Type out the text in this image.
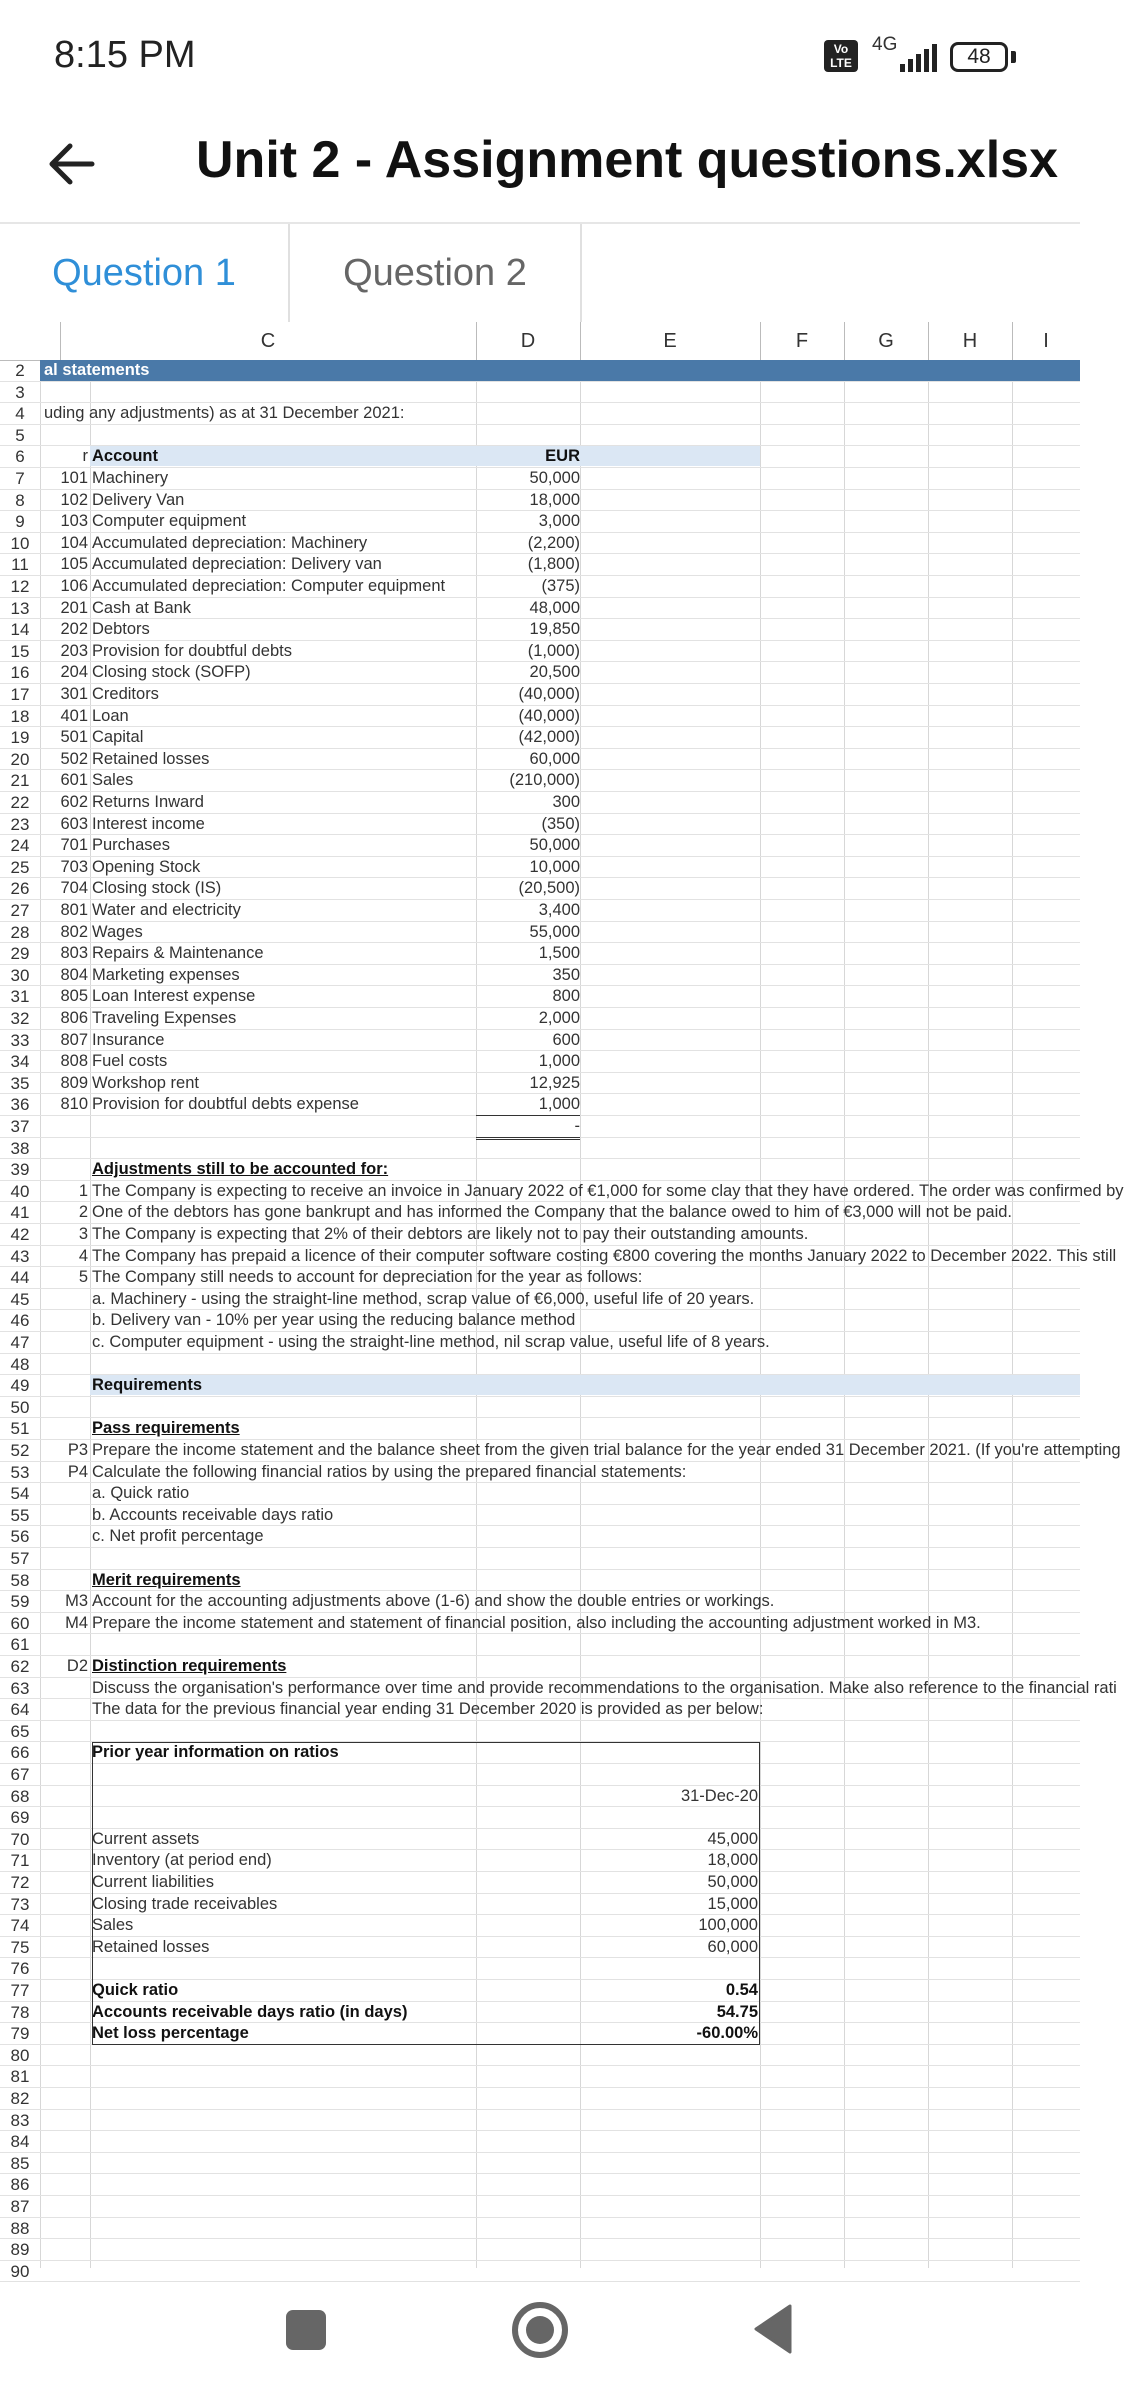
8:15 PM	Vo LTE
4G
48
Unit 2 - Assignment questions.xlsx
Question 1	Question 2
C	D	E	F	G	H	I
2	al statements
3
4	uding any adjustments) as at 31 December 2021:
5
6	r Account	EUR
7	101 Machinery	50,000
8	102 Delivery Van	18,000
9	103 Computer equipment	3,000
10	104 Accumulated depreciation: Machinery	(2,200)
11	105 Accumulated depreciation: Delivery van	(1,800)
12	106 Accumulated depreciation: Computer equipment	(375)
13	201 Cash at Bank	48,000
14	202 Debtors	19,850
15	203 Provision for doubtful debts	(1,000)
16	204 Closing stock (SOFP)	20,500
17	301 Creditors	(40,000)
18	401 Loan	(40,000)
19	501 Capital	(42,000)
20	502 Retained losses	60,000
21	601 Sales	(210,000)
22	602 Returns Inward	300
23	603 Interest income	(350)
24	701 Purchases	50,000
25	703 Opening Stock	10,000
26	704 Closing stock (IS)	(20,500)
27	801 Water and electricity	3,400
28	802 Wages	55,000
29	803 Repairs & Maintenance	1,500
30	804 Marketing expenses	350
31	805 Loan Interest expense	800
32	806 Traveling Expenses	2,000
33	807 Insurance	600
34	808 Fuel costs	1,000
35	809 Workshop rent	12,925
36	810 Provision for doubtful debts expense	1,000
37	-
38
39	Adjustments still to be accounted for:
40	1 The Company is expecting to receive an invoice in January 2022 of €1,000 for some clay that they have ordered. The order was confirmed by
41	2 One of the debtors has gone bankrupt and has informed the Company that the balance owed to him of €3,000 will not be paid.
42	3 The Company is expecting that 2% of their debtors are likely not to pay their outstanding amounts.
43	4 The Company has prepaid a licence of their computer software costing €800 covering the months January 2022 to December 2022. This still
44	5 The Company still needs to account for depreciation for the year as follows:
45	a. Machinery - using the straight-line method, scrap value of €6,000, useful life of 20 years.
46	b. Delivery van - 10% per year using the reducing balance method
47	c. Computer equipment - using the straight-line method, nil scrap value, useful life of 8 years.
48
49	Requirements
50
51	Pass requirements
52	P3 Prepare the income statement and the balance sheet from the given trial balance for the year ended 31 December 2021. (If you're attempting
53	P4 Calculate the following financial ratios by using the prepared financial statements:
54	a. Quick ratio
55	b. Accounts receivable days ratio
56	c. Net profit percentage
57
58	Merit requirements
59	M3 Account for the accounting adjustments above (1-6) and show the double entries or workings.
60	M4 Prepare the income statement and statement of financial position, also including the accounting adjustment worked in M3.
61
62	D2 Distinction requirements
63	Discuss the organisation's performance over time and provide recommendations to the organisation. Make also reference to the financial rati
64	The data for the previous financial year ending 31 December 2020 is provided as per below:
65
66	Prior year information on ratios
67
68	31-Dec-20
69
70	Current assets	45,000
71	Inventory (at period end)	18,000
72	Current liabilities	50,000
73	Closing trade receivables	15,000
74	Sales	100,000
75	Retained losses	60,000
76
77	Quick ratio	0.54
78	Accounts receivable days ratio (in days)	54.75
79	Net loss percentage	-60.00%
80
81
82
83
84
85
86
87
88
89
90
